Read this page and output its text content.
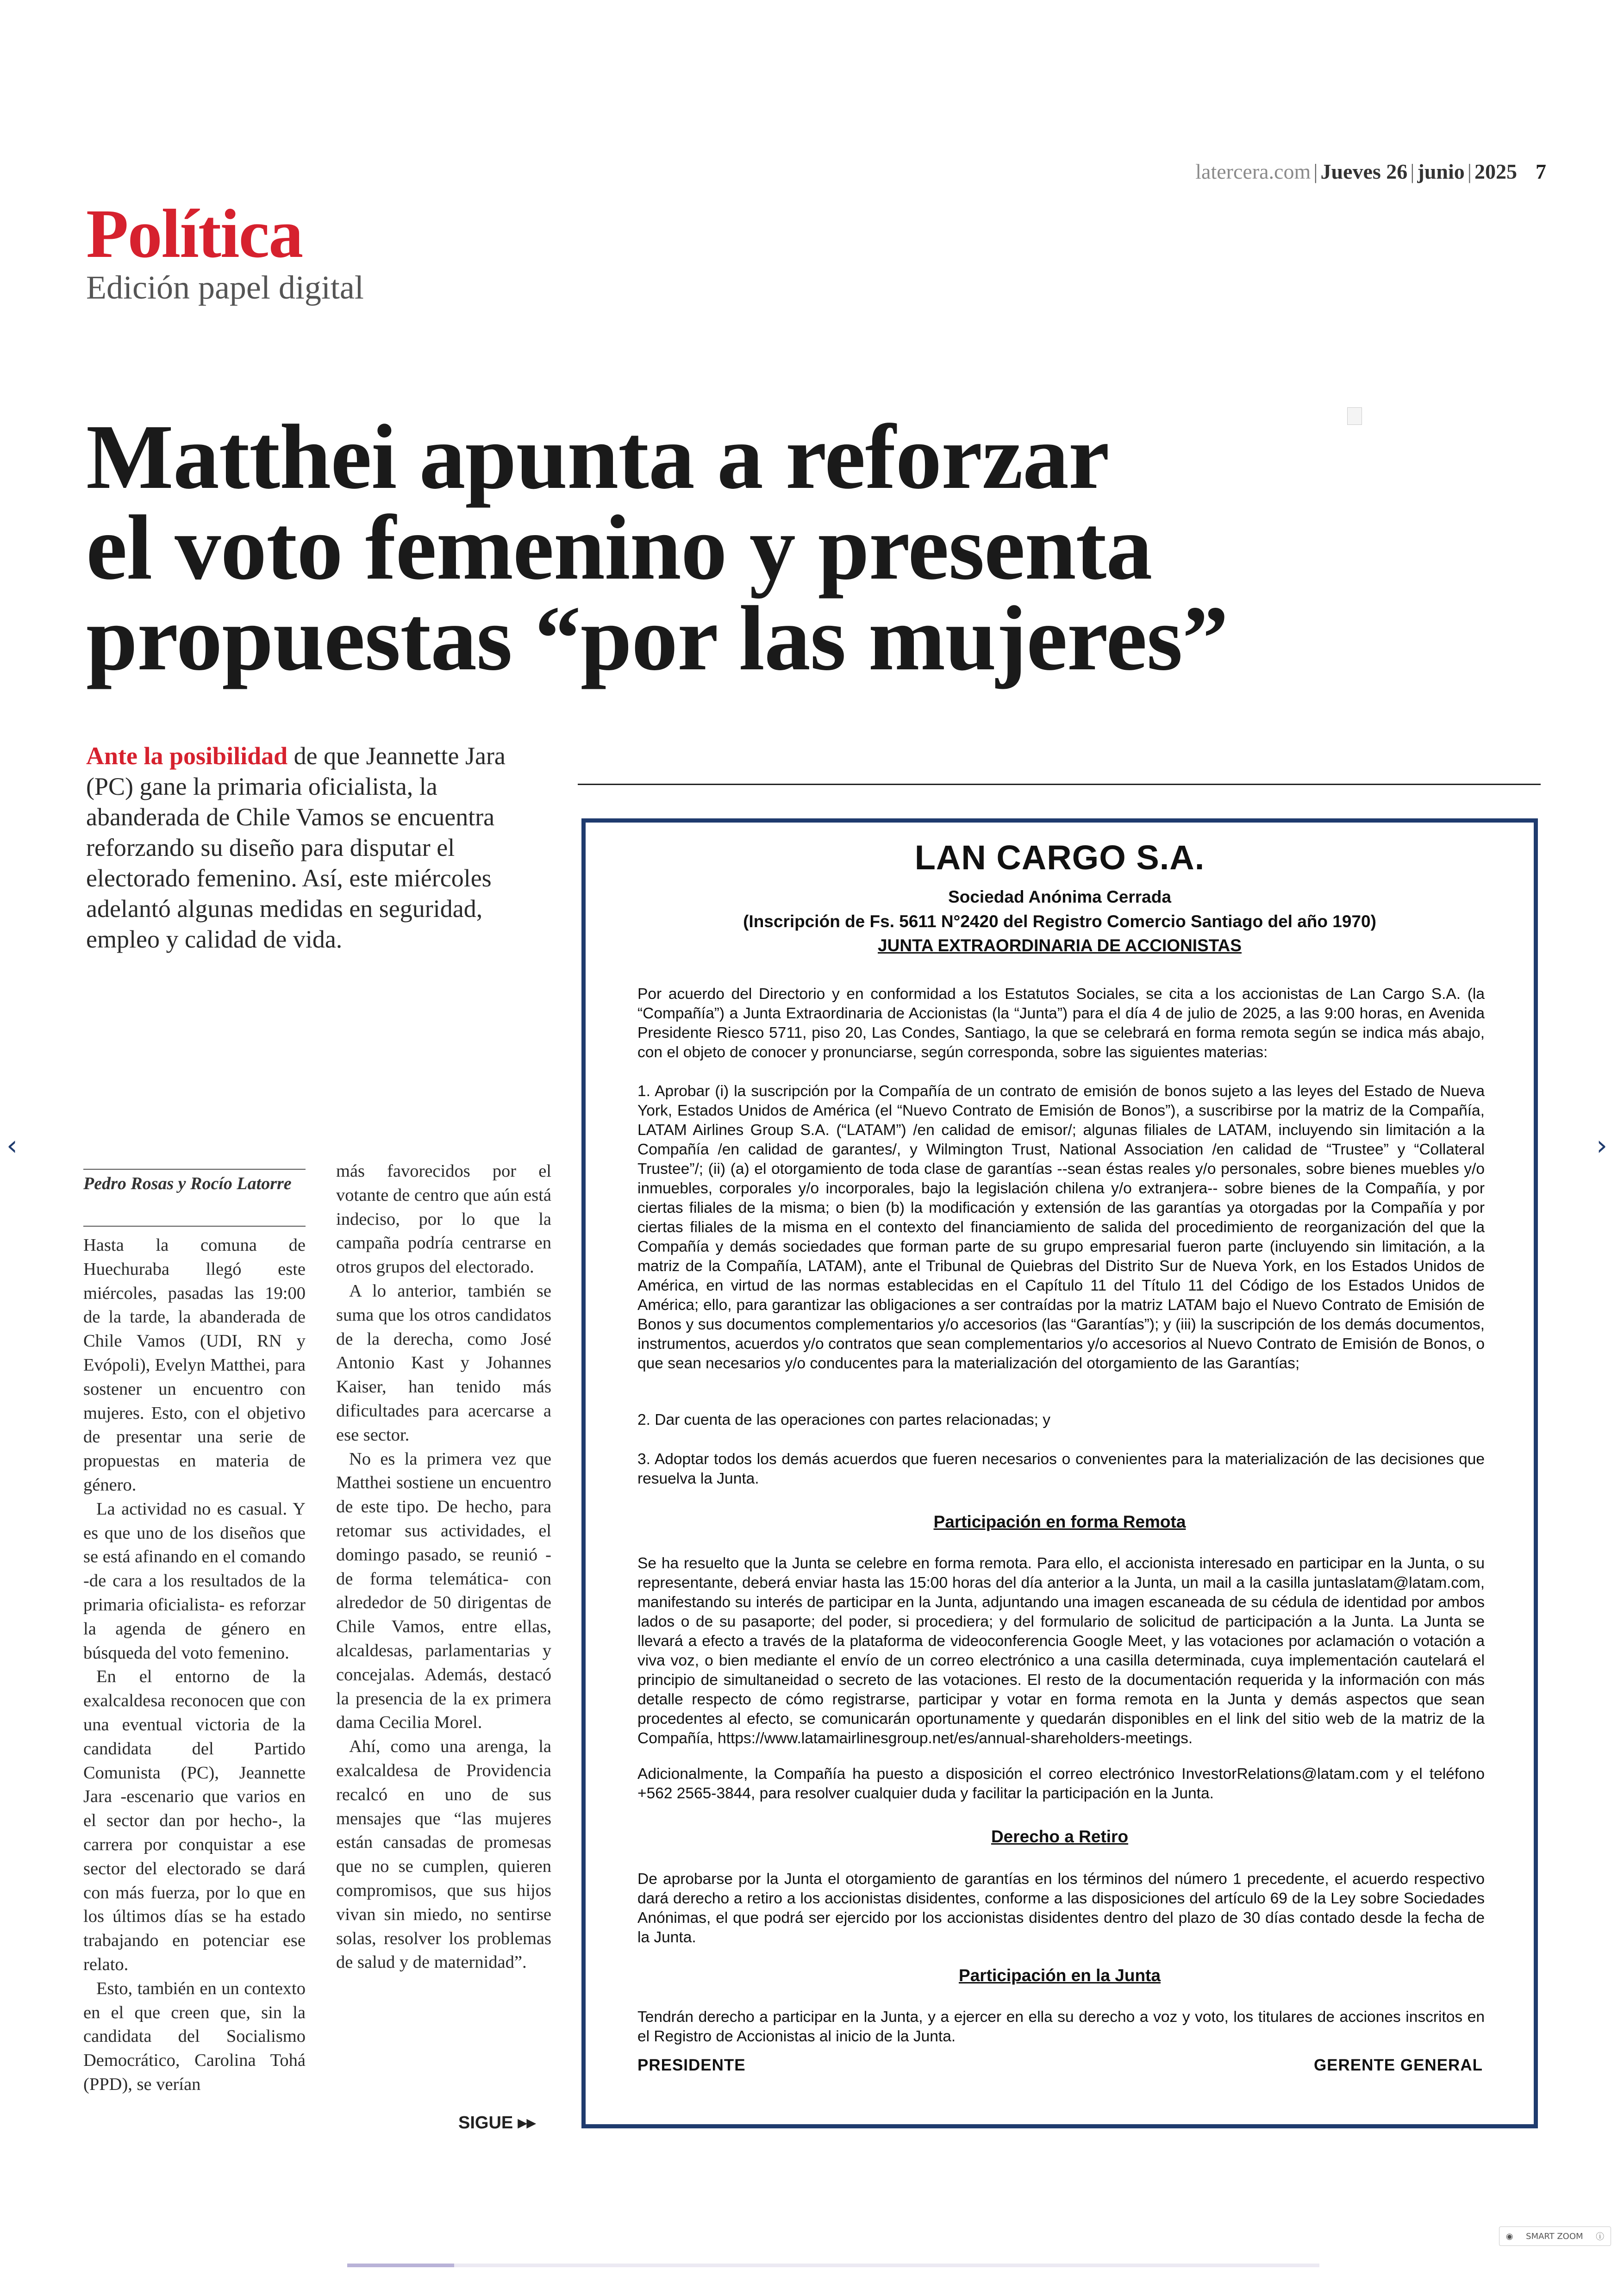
latercera.com | Jueves 26 | junio | 2025 7
Política
Edición papel digital
Matthei apunta a reforzar
el voto femenino y presenta
propuestas “por las mujeres”
Ante la posibilidad de que Jeannette Jara (PC) gane la primaria oficialista, la abanderada de Chile Vamos se encuentra reforzando su diseño para disputar el electorado femenino. Así, este miércoles adelantó algunas medidas en seguridad, empleo y calidad de vida.
Pedro Rosas y Rocío Latorre

Hasta la comuna de Huechuraba llegó este miércoles, pasadas las 19:00 de la tarde, la abanderada de Chile Vamos (UDI, RN y Evópoli), Evelyn Matthei, para sostener un encuentro con mujeres. Esto, con el objetivo de presentar una serie de propuestas en materia de género.

La actividad no es casual. Y es que uno de los diseños que se está afinando en el comando -de cara a los resultados de la primaria oficialista- es reforzar la agenda de género en búsqueda del voto femenino.

En el entorno de la exalcaldesa reconocen que con una eventual victoria de la candidata del Partido Comunista (PC), Jeannette Jara -escenario que varios en el sector dan por hecho-, la carrera por conquistar a ese sector del electorado se dará con más fuerza, por lo que en los últimos días se ha estado trabajando en potenciar ese relato.

Esto, también en un contexto en el que creen que, sin la candidata del Socialismo Democrático, Carolina Tohá (PPD), se verían

más favorecidos por el votante de centro que aún está indeciso, por lo que la campaña podría centrarse en otros grupos del electorado.

A lo anterior, también se suma que los otros candidatos de la derecha, como José Antonio Kast y Johannes Kaiser, han tenido más dificultades para acercarse a ese sector.

No es la primera vez que Matthei sostiene un encuentro de este tipo. De hecho, para retomar sus actividades, el domingo pasado, se reunió -de forma telemática- con alrededor de 50 dirigentas de Chile Vamos, entre ellas, alcaldesas, parlamentarias y concejalas. Además, destacó la presencia de la ex primera dama Cecilia Morel.

Ahí, como una arenga, la exalcaldesa de Providencia recalcó en uno de sus mensajes que “las mujeres están cansadas de promesas que no se cumplen, quieren compromisos, que sus hijos vivan sin miedo, no sentirse solas, resolver los problemas de salud y de maternidad”.

SIGUE ▸▸
LAN CARGO S.A.
Sociedad Anónima Cerrada
(Inscripción de Fs. 5611 N°2420 del Registro Comercio Santiago del año 1970)
JUNTA EXTRAORDINARIA DE ACCIONISTAS
Por acuerdo del Directorio y en conformidad a los Estatutos Sociales, se cita a los accionistas de Lan Cargo S.A. (la “Compañía”) a Junta Extraordinaria de Accionistas (la “Junta”) para el día 4 de julio de 2025, a las 9:00 horas, en Avenida Presidente Riesco 5711, piso 20, Las Condes, Santiago, la que se celebrará en forma remota según se indica más abajo, con el objeto de conocer y pronunciarse, según corresponda, sobre las siguientes materias:
1. Aprobar (i) la suscripción por la Compañía de un contrato de emisión de bonos sujeto a las leyes del Estado de Nueva York, Estados Unidos de América (el “Nuevo Contrato de Emisión de Bonos”), a suscribirse por la matriz de la Compañía, LATAM Airlines Group S.A. (“LATAM”) /en calidad de emisor/; algunas filiales de LATAM, incluyendo sin limitación a la Compañía /en calidad de garantes/, y Wilmington Trust, National Association /en calidad de “Trustee” y “Collateral Trustee”/; (ii) (a) el otorgamiento de toda clase de garantías --sean éstas reales y/o personales, sobre bienes muebles y/o inmuebles, corporales y/o incorporales, bajo la legislación chilena y/o extranjera-- sobre bienes de la Compañía, y por ciertas filiales de la misma; o bien (b) la modificación y extensión de las garantías ya otorgadas por la Compañía y por ciertas filiales de la misma en el contexto del financiamiento de salida del procedimiento de reorganización del que la Compañía y demás sociedades que forman parte de su grupo empresarial fueron parte (incluyendo sin limitación, a la matriz de la Compañía, LATAM), ante el Tribunal de Quiebras del Distrito Sur de Nueva York, en los Estados Unidos de América, en virtud de las normas establecidas en el Capítulo 11 del Título 11 del Código de los Estados Unidos de América; ello, para garantizar las obligaciones a ser contraídas por la matriz LATAM bajo el Nuevo Contrato de Emisión de Bonos y sus documentos complementarios y/o accesorios (las “Garantías”); y (iii) la suscripción de los demás documentos, instrumentos, acuerdos y/o contratos que sean complementarios y/o accesorios al Nuevo Contrato de Emisión de Bonos, o que sean necesarios y/o conducentes para la materialización del otorgamiento de las Garantías;
2. Dar cuenta de las operaciones con partes relacionadas; y
3. Adoptar todos los demás acuerdos que fueren necesarios o convenientes para la materialización de las decisiones que resuelva la Junta.
Participación en forma Remota
Se ha resuelto que la Junta se celebre en forma remota. Para ello, el accionista interesado en participar en la Junta, o su representante, deberá enviar hasta las 15:00 horas del día anterior a la Junta, un mail a la casilla juntaslatam@latam.com, manifestando su interés de participar en la Junta, adjuntando una imagen escaneada de su cédula de identidad por ambos lados o de su pasaporte; del poder, si procediera; y del formulario de solicitud de participación a la Junta. La Junta se llevará a efecto a través de la plataforma de videoconferencia Google Meet, y las votaciones por aclamación o votación a viva voz, o bien mediante el envío de un correo electrónico a una casilla determinada, cuya implementación cautelará el principio de simultaneidad o secreto de las votaciones. El resto de la documentación requerida y la información con más detalle respecto de cómo registrarse, participar y votar en forma remota en la Junta y demás aspectos que sean procedentes al efecto, se comunicarán oportunamente y quedarán disponibles en el link del sitio web de la matriz de la Compañía, https://www.latamairlinesgroup.net/es/annual-shareholders-meetings.
Adicionalmente, la Compañía ha puesto a disposición el correo electrónico InvestorRelations@latam.com y el teléfono +562 2565-3844, para resolver cualquier duda y facilitar la participación en la Junta.
Derecho a Retiro
De aprobarse por la Junta el otorgamiento de garantías en los términos del número 1 precedente, el acuerdo respectivo dará derecho a retiro a los accionistas disidentes, conforme a las disposiciones del artículo 69 de la Ley sobre Sociedades Anónimas, el que podrá ser ejercido por los accionistas disidentes dentro del plazo de 30 días contado desde la fecha de la Junta.
Participación en la Junta
Tendrán derecho a participar en la Junta, y a ejercer en ella su derecho a voz y voto, los titulares de acciones inscritos en el Registro de Accionistas al inicio de la Junta.
PRESIDENTE	GERENTE GENERAL
‹	›
◉ SMART ZOOM ⓘ
